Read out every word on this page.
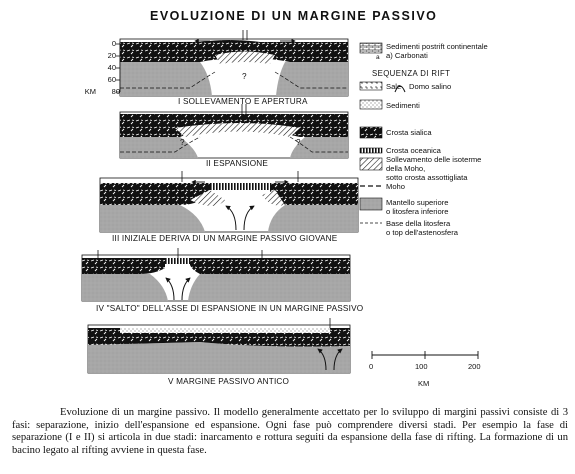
EVOLUZIONE DI UN MARGINE PASSIVO
0
20
40
60
80
KM
?
?	?
I SOLLEVAMENTO E APERTURA
II ESPANSIONE
III INIZIALE DERIVA DI UN MARGINE PASSIVO GIOVANE
IV "SALTO" DELL'ASSE DI ESPANSIONE IN UN MARGINE PASSIVO
V MARGINE PASSIVO ANTICO
Sedimenti postrift continentale
a) Carbonati
a
SEQUENZA DI RIFT
Sale Domo salino
Sedimenti
Crosta sialica
Crosta oceanica
Sollevamento delle isoterme
della Moho,
sotto crosta assottigliata
Moho
Mantello superiore
o litosfera inferiore
Base della litosfera
o top dell'astenosfera
0	100	200
KM
Evoluzione di un margine passivo. Il modello generalmente accettato per lo sviluppo di margini passivi consiste di 3 fasi: separazione, inizio dell'espansione ed espansione. Ogni fase può comprendere diversi stadi. Per esempio la fase di separazione (I e II) si articola in due stadi: inarcamento e rottura seguiti da espansione della fase di rifting. La formazione di un bacino legato al rifting avviene in questa fase.
